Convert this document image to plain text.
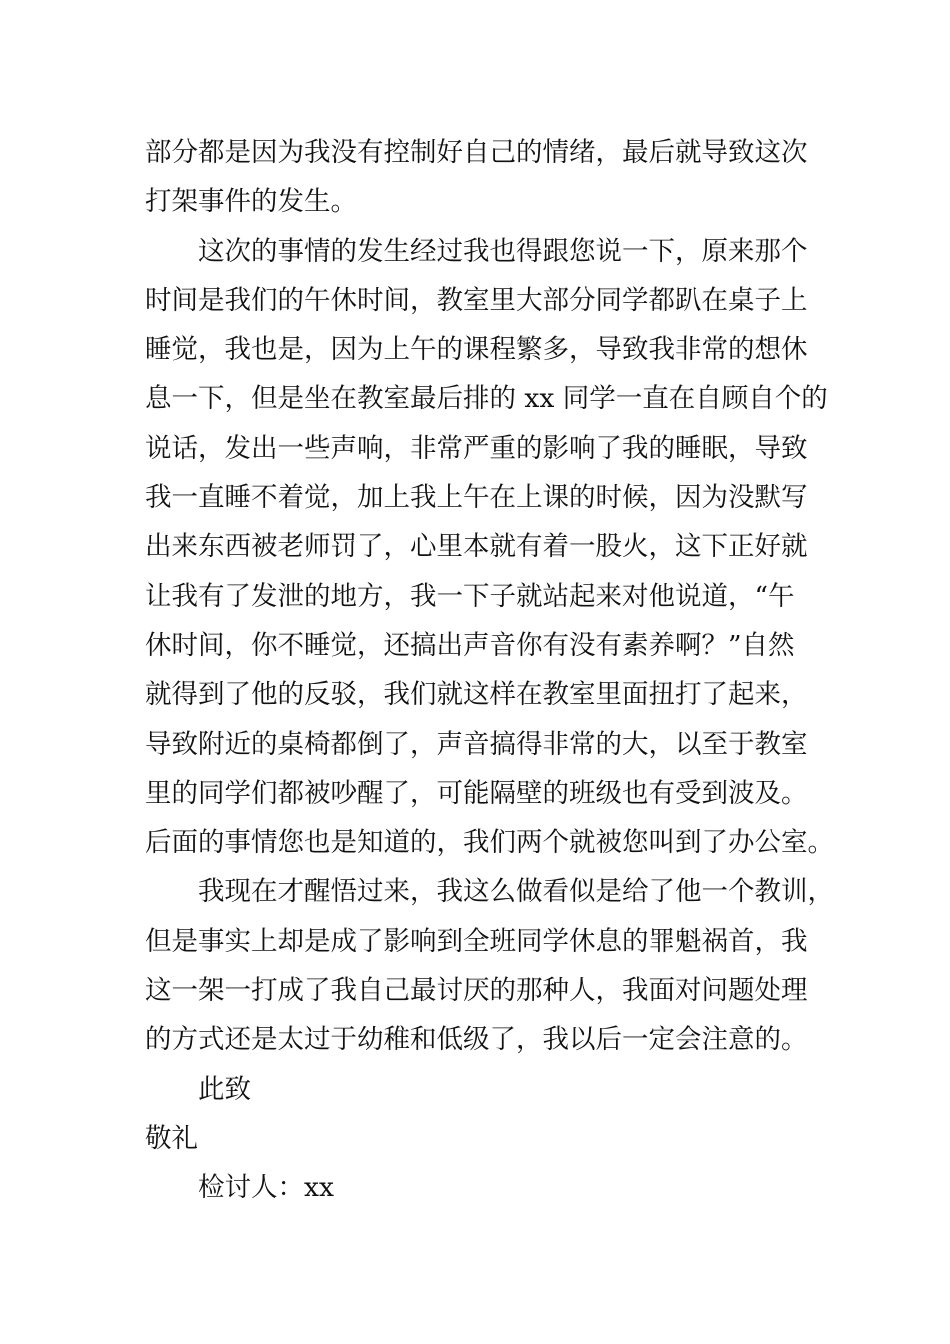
部分都是因为我没有控制好自己的情绪，最后就导致这次
打架事件的发生。
这次的事情的发生经过我也得跟您说一下，原来那个
时间是我们的午休时间，教室里大部分同学都趴在桌子上
睡觉，我也是，因为上午的课程繁多，导致我非常的想休
息一下，但是坐在教室最后排的 xx 同学一直在自顾自个的
说话，发出一些声响，非常严重的影响了我的睡眠，导致
我一直睡不着觉，加上我上午在上课的时候，因为没默写
出来东西被老师罚了，心里本就有着一股火，这下正好就
让我有了发泄的地方，我一下子就站起来对他说道，“午
休时间，你不睡觉，还搞出声音你有没有素养啊？”自然
就得到了他的反驳，我们就这样在教室里面扭打了起来，
导致附近的桌椅都倒了，声音搞得非常的大，以至于教室
里的同学们都被吵醒了，可能隔壁的班级也有受到波及。
后面的事情您也是知道的，我们两个就被您叫到了办公室。
我现在才醒悟过来，我这么做看似是给了他一个教训，
但是事实上却是成了影响到全班同学休息的罪魁祸首，我
这一架一打成了我自己最讨厌的那种人，我面对问题处理
的方式还是太过于幼稚和低级了，我以后一定会注意的。
此致
敬礼
检讨人：xx
